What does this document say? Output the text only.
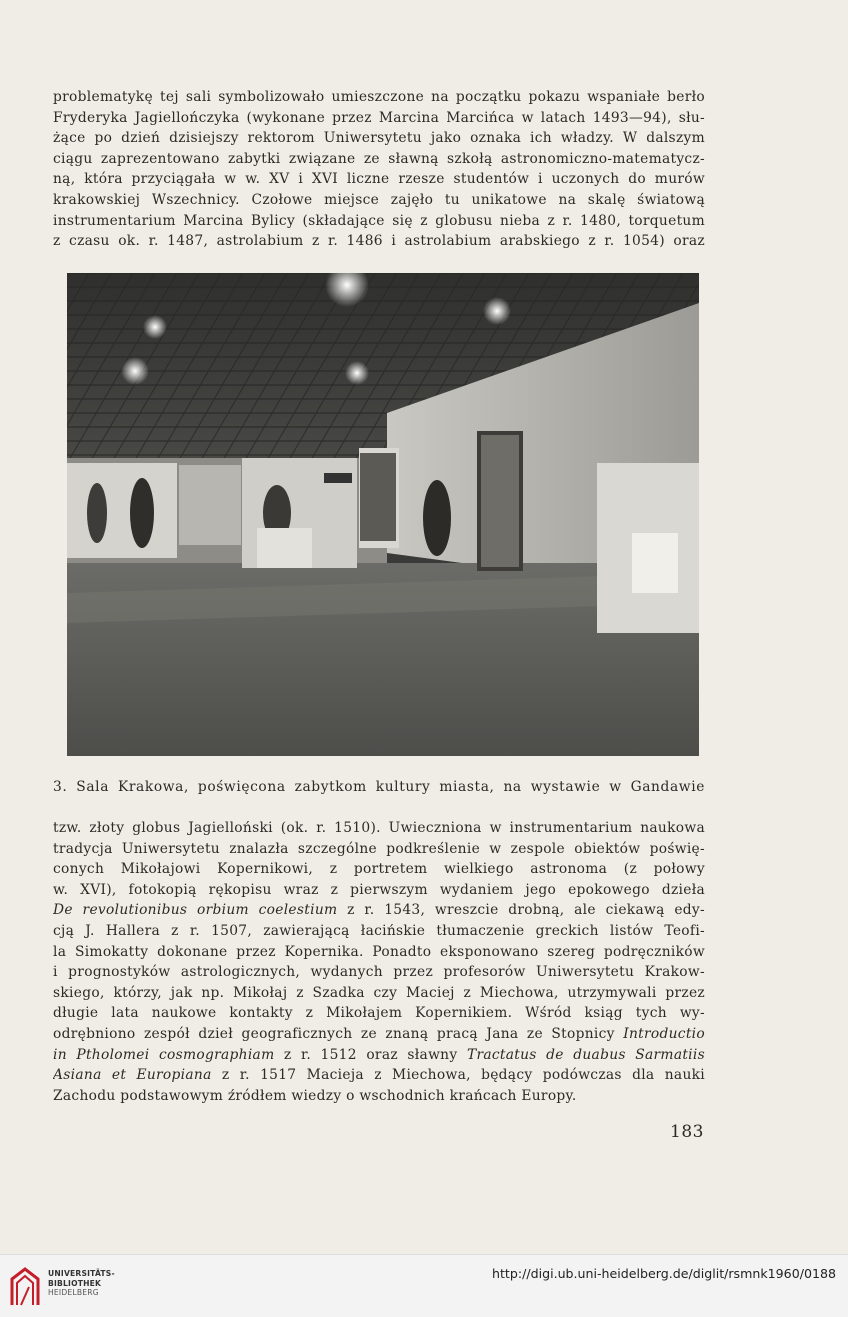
problematykę tej sali symbolizowało umieszczone na początku pokazu wspaniałe berło
Fryderyka Jagiellończyka (wykonane przez Marcina Marcińca w latach 1493—94), słu-
żące po dzień dzisiejszy rektorom Uniwersytetu jako oznaka ich władzy. W dalszym
ciągu zaprezentowano zabytki związane ze sławną szkołą astronomiczno-matematycz-
ną, która przyciągała w w. XV i XVI liczne rzesze studentów i uczonych do murów
krakowskiej Wszechnicy. Czołowe miejsce zajęło tu unikatowe na skalę światową
instrumentarium Marcina Bylicy (składające się z globusu nieba z r. 1480, torquetum
z czasu ok. r. 1487, astrolabium z r. 1486 i astrolabium arabskiego z r. 1054) oraz
3. Sala Krakowa, poświęcona zabytkom kultury miasta, na wystawie w Gandawie
tzw. złoty globus Jagielloński (ok. r. 1510). Uwieczniona w instrumentarium naukowa
tradycja Uniwersytetu znalazła szczególne podkreślenie w zespole obiektów poświę-
conych Mikołajowi Kopernikowi, z portretem wielkiego astronoma (z połowy
w. XVI), fotokopią rękopisu wraz z pierwszym wydaniem jego epokowego dzieła
De revolutionibus orbium coelestium z r. 1543, wreszcie drobną, ale ciekawą edy-
cją J. Hallera z r. 1507, zawierającą łacińskie tłumaczenie greckich listów Teofi-
la Simokatty dokonane przez Kopernika. Ponadto eksponowano szereg podręczników
i prognostyków astrologicznych, wydanych przez profesorów Uniwersytetu Krakow-
skiego, którzy, jak np. Mikołaj z Szadka czy Maciej z Miechowa, utrzymywali przez
długie lata naukowe kontakty z Mikołajem Kopernikiem. Wśród ksiąg tych wy-
odrębniono zespół dzieł geograficznych ze znaną pracą Jana ze Stopnicy Introductio
in Ptholomei cosmographiam z r. 1512 oraz sławny Tractatus de duabus Sarmatiis
Asiana et Europiana z r. 1517 Macieja z Miechowa, będący podówczas dla nauki
Zachodu podstawowym źródłem wiedzy o wschodnich krańcach Europy.
183
UNIVERSITÄTS-
BIBLIOTHEK
HEIDELBERG
http://digi.ub.uni-heidelberg.de/diglit/rsmnk1960/0188
